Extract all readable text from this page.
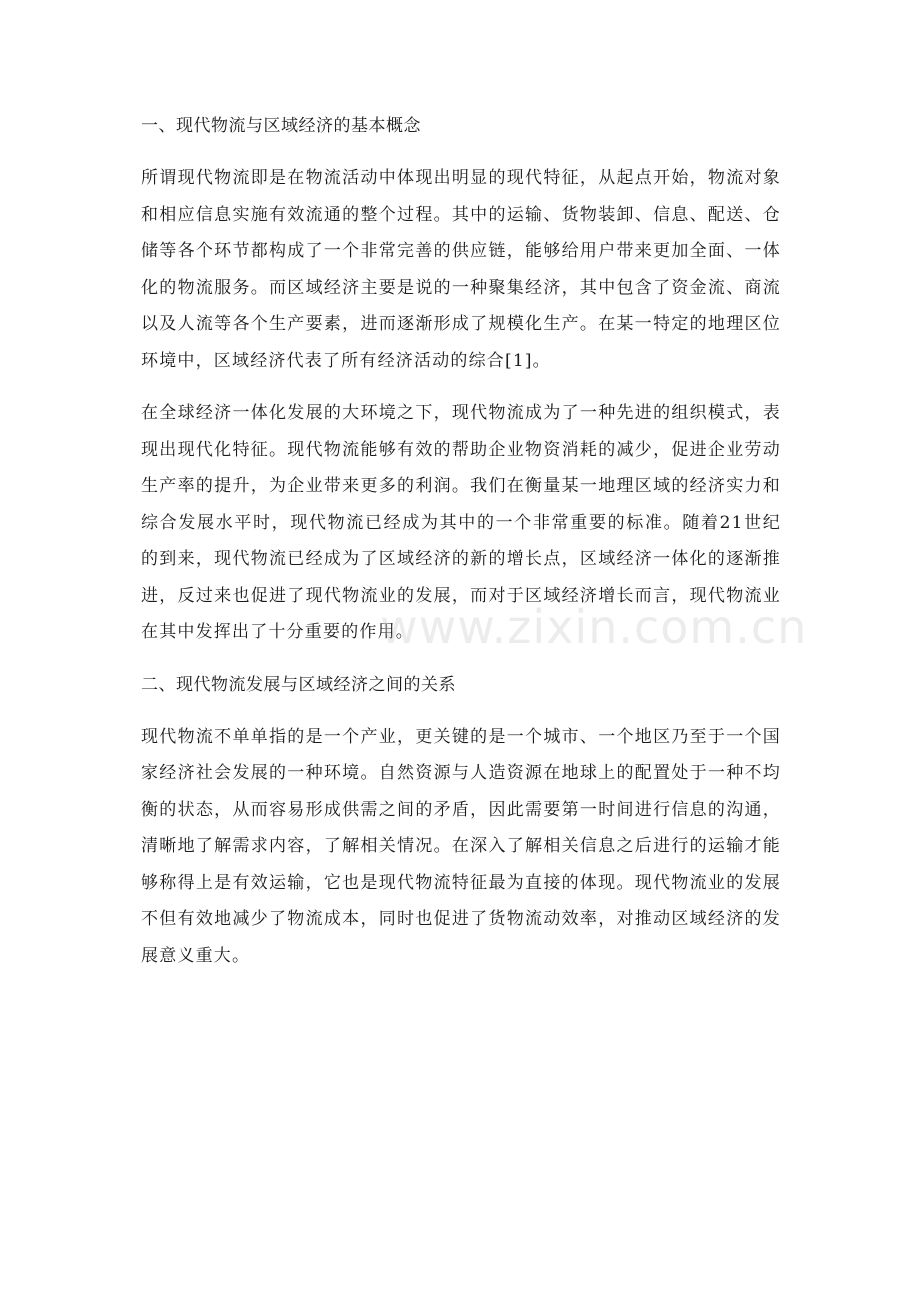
一、现代物流与区域经济的基本概念

所谓现代物流即是在物流活动中体现出明显的现代特征，从起点开始，物流对象和相应信息实施有效流通的整个过程。其中的运输、货物装卸、信息、配送、仓储等各个环节都构成了一个非常完善的供应链，能够给用户带来更加全面、一体化的物流服务。而区域经济主要是说的一种聚集经济，其中包含了资金流、商流以及人流等各个生产要素，进而逐渐形成了规模化生产。在某一特定的地理区位环境中，区域经济代表了所有经济活动的综合[1]。

在全球经济一体化发展的大环境之下，现代物流成为了一种先进的组织模式，表现出现代化特征。现代物流能够有效的帮助企业物资消耗的减少，促进企业劳动生产率的提升，为企业带来更多的利润。我们在衡量某一地理区域的经济实力和综合发展水平时，现代物流已经成为其中的一个非常重要的标准。随着21世纪的到来，现代物流已经成为了区域经济的新的增长点，区域经济一体化的逐渐推进，反过来也促进了现代物流业的发展，而对于区域经济增长而言，现代物流业在其中发挥出了十分重要的作用。

二、现代物流发展与区域经济之间的关系

现代物流不单单指的是一个产业，更关键的是一个城市、一个地区乃至于一个国家经济社会发展的一种环境。自然资源与人造资源在地球上的配置处于一种不均衡的状态，从而容易形成供需之间的矛盾，因此需要第一时间进行信息的沟通，清晰地了解需求内容，了解相关情况。在深入了解相关信息之后进行的运输才能够称得上是有效运输，它也是现代物流特征最为直接的体现。现代物流业的发展不但有效地减少了物流成本，同时也促进了货物流动效率，对推动区域经济的发展意义重大。

www.zixin.com.cn
